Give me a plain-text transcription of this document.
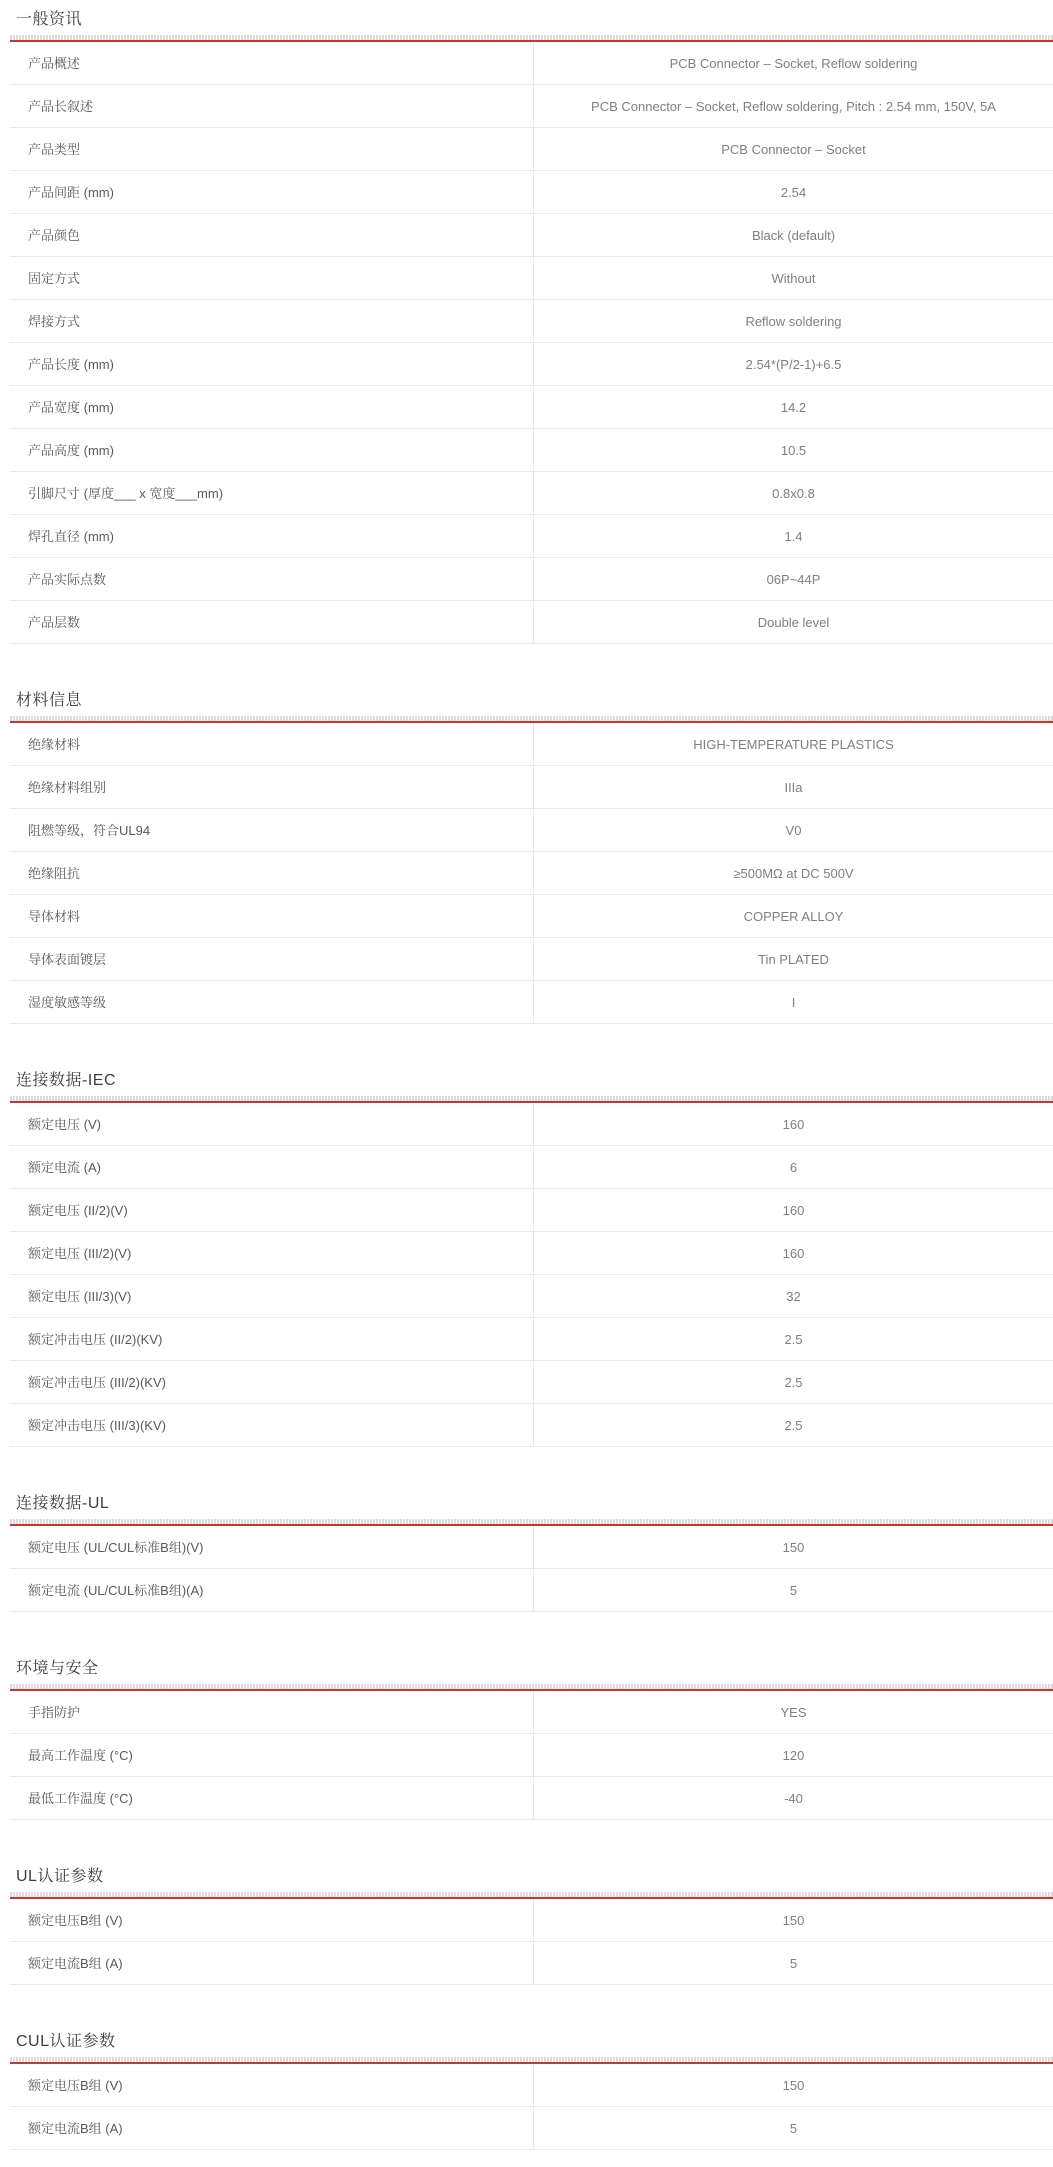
一般资讯
产品概述	PCB Connector – Socket, Reflow soldering
产品长叙述	PCB Connector – Socket, Reflow soldering, Pitch : 2.54 mm, 150V, 5A
产品类型	PCB Connector – Socket
产品间距 (mm)	2.54
产品颜色	Black (default)
固定方式	Without
焊接方式	Reflow soldering
产品长度 (mm)	2.54*(P/2-1)+6.5
产品宽度 (mm)	14.2
产品高度 (mm)	10.5
引脚尺寸 (厚度___ x 宽度___mm)	0.8x0.8
焊孔直径 (mm)	1.4
产品实际点数	06P~44P
产品层数	Double level
材料信息
绝缘材料	HIGH-TEMPERATURE PLASTICS
绝缘材料组别	IIIa
阻燃等级，符合UL94	V0
绝缘阻抗	≥500MΩ at DC 500V
导体材料	COPPER ALLOY
导体表面镀层	Tin PLATED
湿度敏感等级	I
连接数据-IEC
额定电压 (V)	160
额定电流 (A)	6
额定电压 (II/2)(V)	160
额定电压 (III/2)(V)	160
额定电压 (III/3)(V)	32
额定冲击电压 (II/2)(KV)	2.5
额定冲击电压 (III/2)(KV)	2.5
额定冲击电压 (III/3)(KV)	2.5
连接数据-UL
额定电压 (UL/CUL标准B组)(V)	150
额定电流 (UL/CUL标准B组)(A)	5
环境与安全
手指防护	YES
最高工作温度 (°C)	120
最低工作温度 (°C)	-40
UL认证参数
额定电压B组 (V)	150
额定电流B组 (A)	5
CUL认证参数
额定电压B组 (V)	150
额定电流B组 (A)	5
